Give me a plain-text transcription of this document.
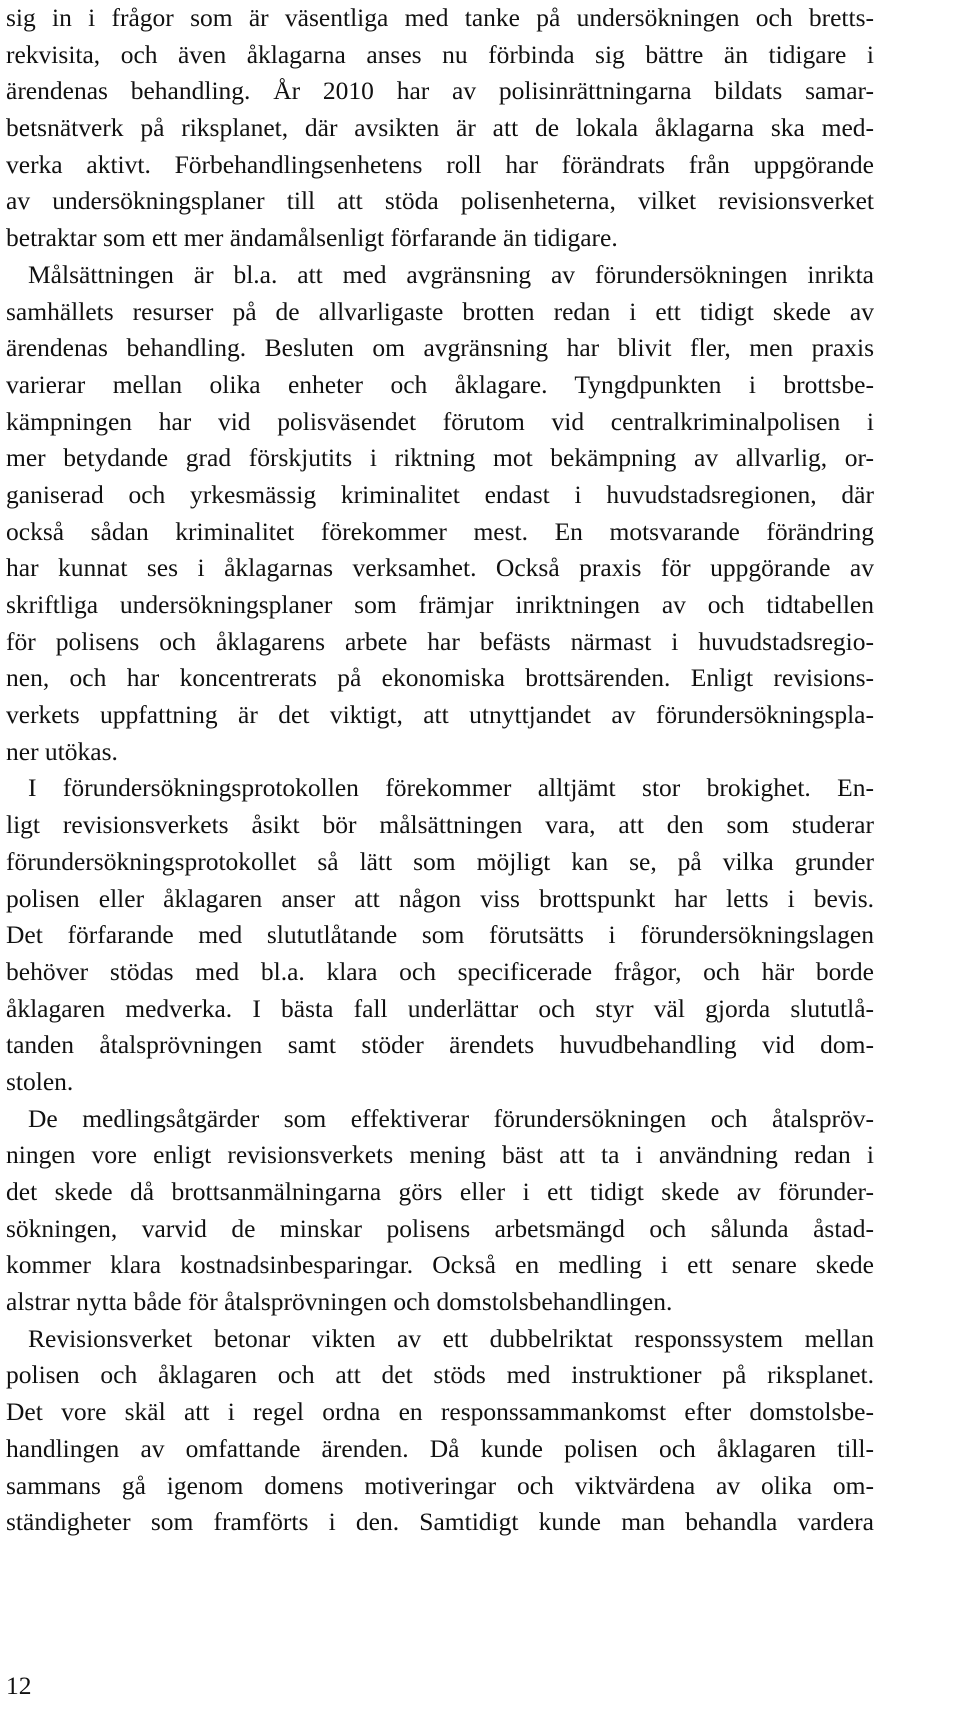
sig in i frågor som är väsentliga med tanke på undersökningen och bretts-
rekvisita, och även åklagarna anses nu förbinda sig bättre än tidigare i
ärendenas behandling. År 2010 har av polisinrättningarna bildats samar-
betsnätverk på riksplanet, där avsikten är att de lokala åklagarna ska med-
verka aktivt. Förbehandlingsenhetens roll har förändrats från uppgörande
av undersökningsplaner till att stöda polisenheterna, vilket revisionsverket
betraktar som ett mer ändamålsenligt förfarande än tidigare.
Målsättningen är bl.a. att med avgränsning av förundersökningen inrikta
samhällets resurser på de allvarligaste brotten redan i ett tidigt skede av
ärendenas behandling. Besluten om avgränsning har blivit fler, men praxis
varierar mellan olika enheter och åklagare. Tyngdpunkten i brottsbe-
kämpningen har vid polisväsendet förutom vid centralkriminalpolisen i
mer betydande grad förskjutits i riktning mot bekämpning av allvarlig, or-
ganiserad och yrkesmässig kriminalitet endast i huvudstadsregionen, där
också sådan kriminalitet förekommer mest. En motsvarande förändring
har kunnat ses i åklagarnas verksamhet. Också praxis för uppgörande av
skriftliga undersökningsplaner som främjar inriktningen av och tidtabellen
för polisens och åklagarens arbete har befästs närmast i huvudstadsregio-
nen, och har koncentrerats på ekonomiska brottsärenden. Enligt revisions-
verkets uppfattning är det viktigt, att utnyttjandet av förundersökningspla-
ner utökas.
I förundersökningsprotokollen förekommer alltjämt stor brokighet. En-
ligt revisionsverkets åsikt bör målsättningen vara, att den som studerar
förundersökningsprotokollet så lätt som möjligt kan se, på vilka grunder
polisen eller åklagaren anser att någon viss brottspunkt har letts i bevis.
Det förfarande med slututlåtande som förutsätts i förundersökningslagen
behöver stödas med bl.a. klara och specificerade frågor, och här borde
åklagaren medverka. I bästa fall underlättar och styr väl gjorda slututlå-
tanden åtalsprövningen samt stöder ärendets huvudbehandling vid dom-
stolen.
De medlingsåtgärder som effektiverar förundersökningen och åtalspröv-
ningen vore enligt revisionsverkets mening bäst att ta i användning redan i
det skede då brottsanmälningarna görs eller i ett tidigt skede av förunder-
sökningen, varvid de minskar polisens arbetsmängd och sålunda åstad-
kommer klara kostnadsinbesparingar. Också en medling i ett senare skede
alstrar nytta både för åtalsprövningen och domstolsbehandlingen.
Revisionsverket betonar vikten av ett dubbelriktat responssystem mellan
polisen och åklagaren och att det stöds med instruktioner på riksplanet.
Det vore skäl att i regel ordna en responssammankomst efter domstolsbe-
handlingen av omfattande ärenden. Då kunde polisen och åklagaren till-
sammans gå igenom domens motiveringar och viktvärdena av olika om-
ständigheter som framförts i den. Samtidigt kunde man behandla vardera
12
